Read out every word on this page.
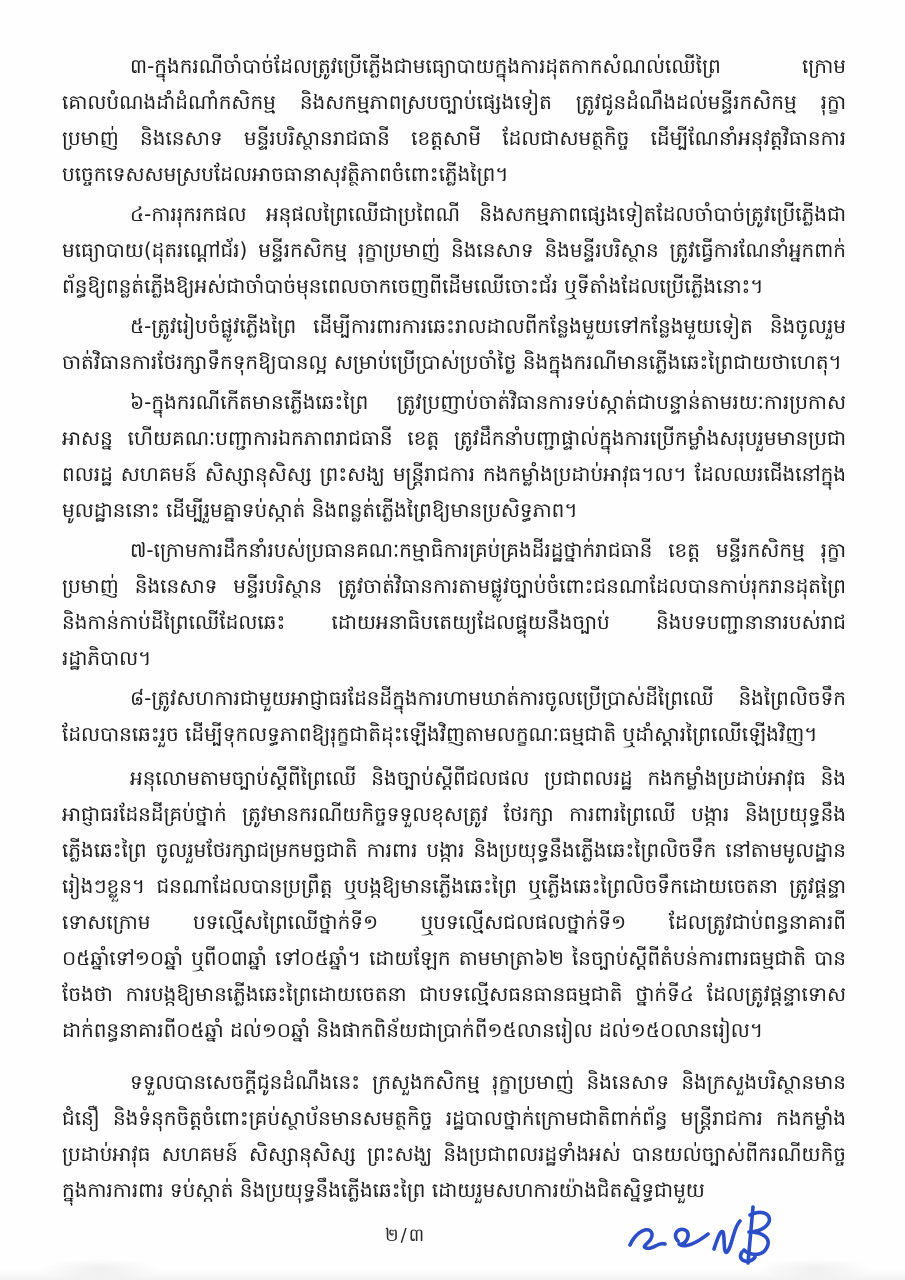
៣-ក្នុងករណីចាំបាច់ដែលត្រូវប្រើភ្លើងជាមធ្យោបាយក្នុងការដុតកាកសំណល់ឈើព្រៃ ក្រោមគោលបំណងដាំដំណាំកសិកម្ម និងសកម្មភាពស្របច្បាប់ផ្សេងទៀត ត្រូវជូនដំណឹងដល់មន្ទីរកសិកម្ម រុក្ខាប្រមាញ់ និងនេសាទ មន្ទីរបរិស្ថានរាជធានី ខេត្តសាមី ដែលជាសមត្ថកិច្ច ដើម្បីណែនាំអនុវត្តវិធានការបច្ចេកទេសសមស្របដែលអាចធានាសុវត្ថិភាពចំពោះភ្លើងព្រៃ។

៤-ការរុករកផល អនុផលព្រៃឈើជាប្រពៃណី និងសកម្មភាពផ្សេងទៀតដែលចាំបាច់ត្រូវប្រើភ្លើងជាមធ្យោបាយ(ដុតរណ្ដៅជ័រ) មន្ទីរកសិកម្ម រុក្ខាប្រមាញ់ និងនេសាទ និងមន្ទីរបរិស្ថាន ត្រូវធ្វើការណែនាំអ្នកពាក់ព័ន្ធឱ្យពន្លត់ភ្លើងឱ្យអស់ជាចាំបាច់មុនពេលចាកចេញពីដើមឈើចោះជ័រ ឬទីតាំងដែលប្រើភ្លើងនោះ។

៥-ត្រូវរៀបចំផ្លូវភ្លើងព្រៃ ដើម្បីការពារការឆេះរាលដាលពីកន្លែងមួយទៅកន្លែងមួយទៀត និងចូលរួមចាត់វិធានការថែរក្សាទឹកទុកឱ្យបានល្អ សម្រាប់ប្រើប្រាស់ប្រចាំថ្ងៃ និងក្នុងករណីមានភ្លើងឆេះព្រៃជាយថាហេតុ។

៦-ក្នុងករណីកើតមានភ្លើងឆេះព្រៃ ត្រូវប្រញាប់ចាត់វិធានការទប់ស្កាត់ជាបន្ទាន់តាមរយៈការប្រកាសអាសន្ន ហើយគណៈបញ្ជាការឯកភាពរាជធានី ខេត្ត ត្រូវដឹកនាំបញ្ជាផ្ទាល់ក្នុងការប្រើកម្លាំងសរុបរួមមានប្រជាពលរដ្ឋ សហគមន៍ សិស្សានុសិស្ស ព្រះសង្ឃ មន្ត្រីរាជការ កងកម្លាំងប្រដាប់អាវុធ។ល។ ដែលឈរជើងនៅក្នុងមូលដ្ឋាននោះ ដើម្បីរួមគ្នាទប់ស្កាត់ និងពន្លត់ភ្លើងព្រៃឱ្យមានប្រសិទ្ធភាព។

៧-ក្រោមការដឹកនាំរបស់ប្រធានគណៈកម្មាធិការគ្រប់គ្រងដីរដ្ឋថ្នាក់រាជធានី ខេត្ត មន្ទីរកសិកម្ម រុក្ខាប្រមាញ់ និងនេសាទ មន្ទីរបរិស្ថាន ត្រូវចាត់វិធានការតាមផ្លូវច្បាប់ចំពោះជនណាដែលបានកាប់រុករានដុតព្រៃ និងកាន់កាប់ដីព្រៃឈើដែលឆេះ ដោយអនាធិបតេយ្យដែលផ្ទុយនឹងច្បាប់ និងបទបញ្ជានានារបស់រាជរដ្ឋាភិបាល។

៨-ត្រូវសហការជាមួយអាជ្ញាធរដែនដីក្នុងការហាមឃាត់ការចូលប្រើប្រាស់ដីព្រៃឈើ និងព្រៃលិចទឹកដែលបានឆេះរួច ដើម្បីទុកលទ្ធភាពឱ្យរុក្ខជាតិដុះឡើងវិញតាមលក្ខណៈធម្មជាតិ ឬដាំស្ដារព្រៃឈើឡើងវិញ។

អនុលោមតាមច្បាប់ស្ដីពីព្រៃឈើ និងច្បាប់ស្ដីពីជលផល ប្រជាពលរដ្ឋ កងកម្លាំងប្រដាប់អាវុធ និងអាជ្ញាធរដែនដីគ្រប់ថ្នាក់ ត្រូវមានករណីយកិច្ចទទួលខុសត្រូវ ថែរក្សា ការពារព្រៃឈើ បង្ការ និងប្រយុទ្ធនឹងភ្លើងឆេះព្រៃ ចូលរួមថែរក្សាជម្រកមច្ឆជាតិ ការពារ បង្ការ និងប្រយុទ្ធនឹងភ្លើងឆេះព្រៃលិចទឹក នៅតាមមូលដ្ឋានរៀងៗខ្លួន។ ជនណាដែលបានប្រព្រឹត្ត ឬបង្កឱ្យមានភ្លើងឆេះព្រៃ ឬភ្លើងឆេះព្រៃលិចទឹកដោយចេតនា ត្រូវផ្ដន្ទាទោសក្រោម បទល្មើសព្រៃឈើថ្នាក់ទី១ ឬបទល្មើសជលផលថ្នាក់ទី១ ដែលត្រូវជាប់ពន្ធនាគារពី ០៥ឆ្នាំទៅ១០ឆ្នាំ ឬពី០៣ឆ្នាំ ទៅ០៥ឆ្នាំ។ ដោយឡែក តាមមាត្រា៦២ នៃច្បាប់ស្ដីពីតំបន់ការពារធម្មជាតិ បានចែងថា ការបង្កឱ្យមានភ្លើងឆេះព្រៃដោយចេតនា ជាបទល្មើសធនធានធម្មជាតិ ថ្នាក់ទី៤ ដែលត្រូវផ្ដន្ទាទោសដាក់ពន្ធនាគារពី០៥ឆ្នាំ ដល់១០ឆ្នាំ និងផាកពិន័យជាប្រាក់ពី១៥លានរៀល ដល់១៥០លានរៀល។

ទទួលបានសេចក្ដីជូនដំណឹងនេះ ក្រសួងកសិកម្ម រុក្ខាប្រមាញ់ និងនេសាទ និងក្រសួងបរិស្ថានមានជំនឿ និងទំនុកចិត្តចំពោះគ្រប់ស្ថាប័នមានសមត្ថកិច្ច រដ្ឋបាលថ្នាក់ក្រោមជាតិពាក់ព័ន្ធ មន្ត្រីរាជការ កងកម្លាំង ប្រដាប់អាវុធ សហគមន៍ សិស្សានុសិស្ស ព្រះសង្ឃ និងប្រជាពលរដ្ឋទាំងអស់ បានយល់ច្បាស់ពីករណីយកិច្ច ក្នុងការការពារ ទប់ស្កាត់ និងប្រយុទ្ធនឹងភ្លើងឆេះព្រៃ ដោយរួមសហការយ៉ាងជិតស្និទ្ធជាមួយ

២/៣
